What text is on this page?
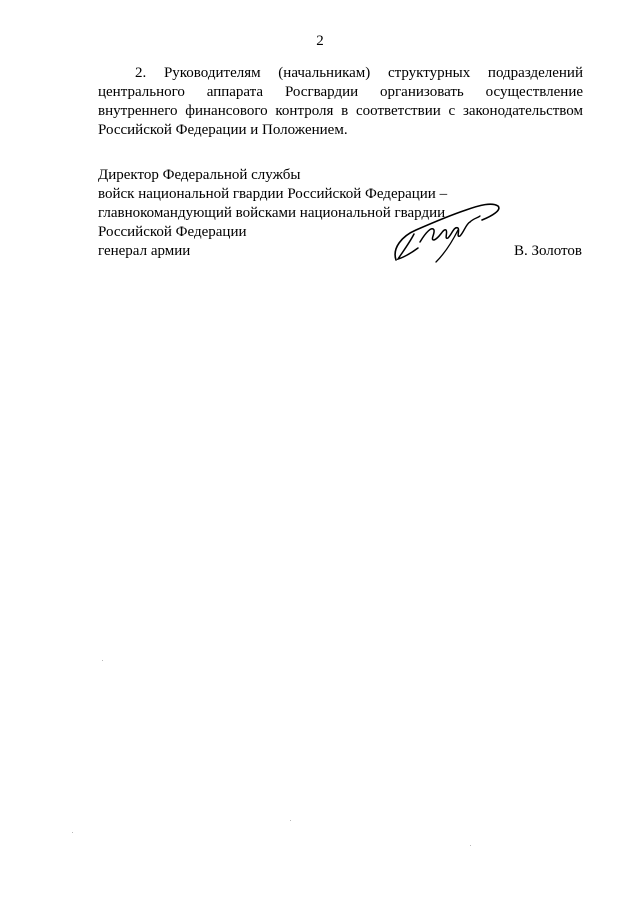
2

2. Руководителям (начальникам) структурных подразделений центрального аппарата Росгвардии организовать осуществление внутреннего финансового контроля в соответствии с законодательством Российской Федерации и Положением.

Директор Федеральной службы
войск национальной гвардии Российской Федерации –
главнокомандующий войсками национальной гвардии
Российской Федерации
генерал армии	В. Золотов
